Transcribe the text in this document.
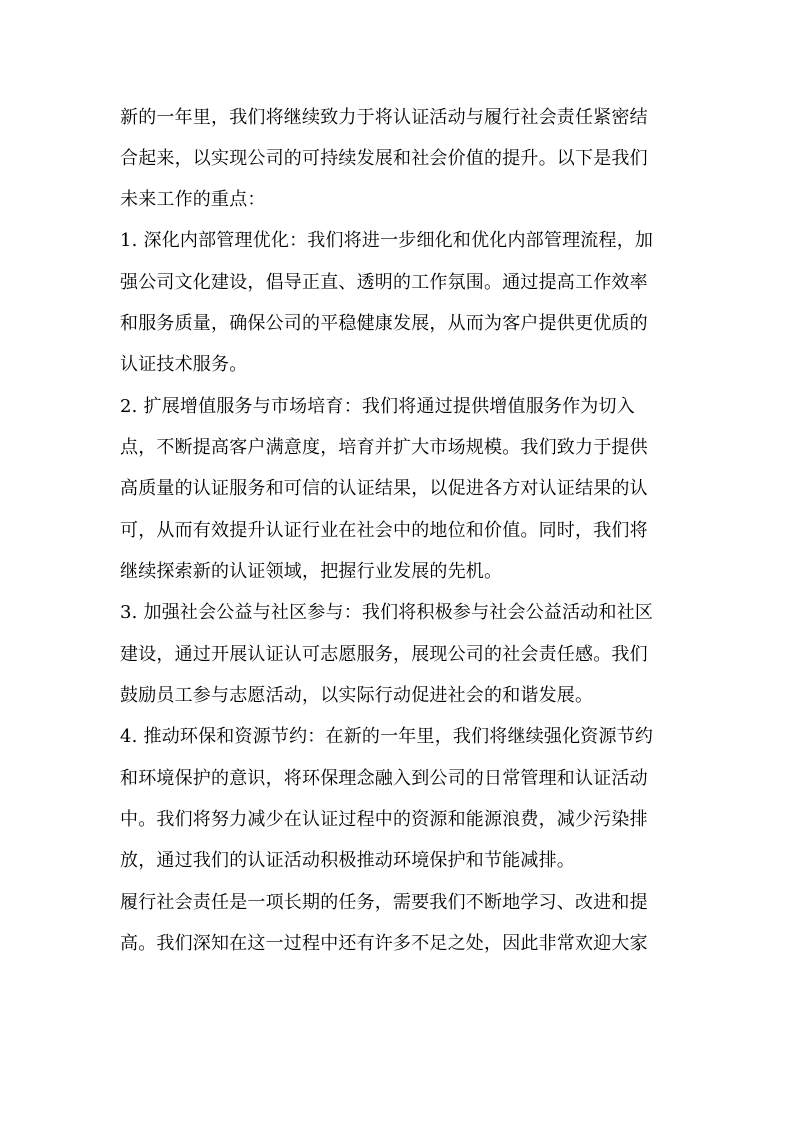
新的一年里，我们将继续致力于将认证活动与履行社会责任紧密结
合起来，以实现公司的可持续发展和社会价值的提升。以下是我们
未来工作的重点：
1. 深化内部管理优化：我们将进一步细化和优化内部管理流程，加
强公司文化建设，倡导正直、透明的工作氛围。通过提高工作效率
和服务质量，确保公司的平稳健康发展，从而为客户提供更优质的
认证技术服务。
2. 扩展增值服务与市场培育：我们将通过提供增值服务作为切入
点，不断提高客户满意度，培育并扩大市场规模。我们致力于提供
高质量的认证服务和可信的认证结果，以促进各方对认证结果的认
可，从而有效提升认证行业在社会中的地位和价值。同时，我们将
继续探索新的认证领域，把握行业发展的先机。
3. 加强社会公益与社区参与：我们将积极参与社会公益活动和社区
建设，通过开展认证认可志愿服务，展现公司的社会责任感。我们
鼓励员工参与志愿活动，以实际行动促进社会的和谐发展。
4. 推动环保和资源节约：在新的一年里，我们将继续强化资源节约
和环境保护的意识，将环保理念融入到公司的日常管理和认证活动
中。我们将努力减少在认证过程中的资源和能源浪费，减少污染排
放，通过我们的认证活动积极推动环境保护和节能减排。
履行社会责任是一项长期的任务，需要我们不断地学习、改进和提
高。我们深知在这一过程中还有许多不足之处，因此非常欢迎大家
